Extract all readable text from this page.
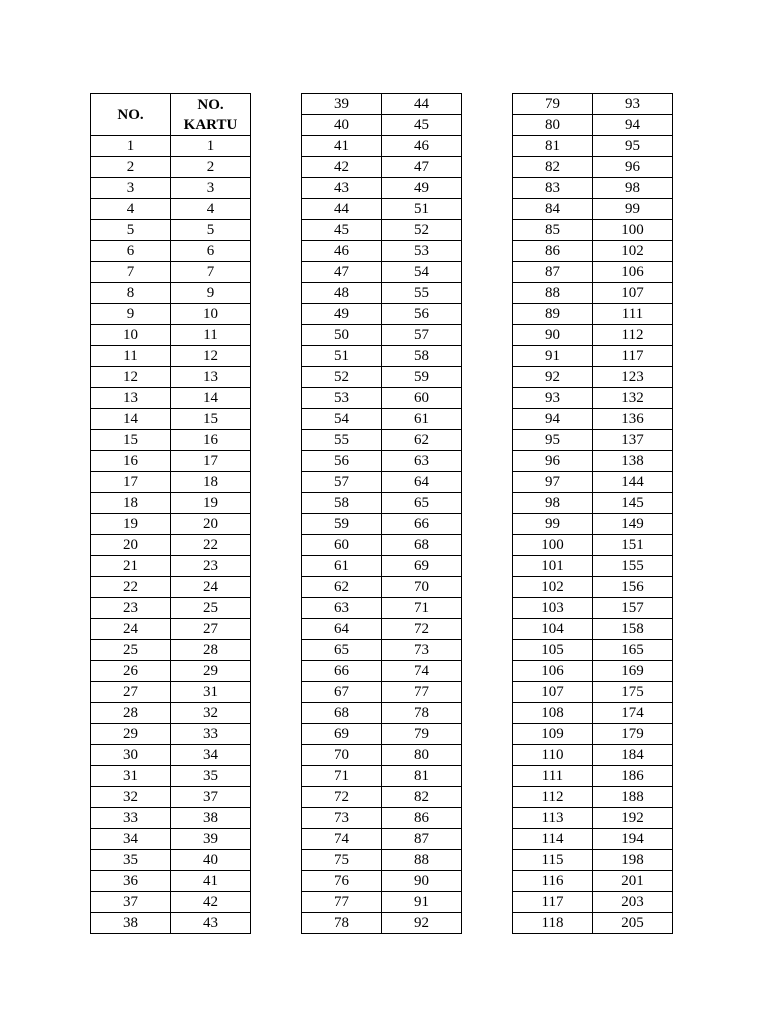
NO.	NO. KARTU
1	1
2	2
3	3
4	4
5	5
6	6
7	7
8	9
9	10
10	11
11	12
12	13
13	14
14	15
15	16
16	17
17	18
18	19
19	20
20	22
21	23
22	24
23	25
24	27
25	28
26	29
27	31
28	32
29	33
30	34
31	35
32	37
33	38
34	39
35	40
36	41
37	42
38	43
39	44
40	45
41	46
42	47
43	49
44	51
45	52
46	53
47	54
48	55
49	56
50	57
51	58
52	59
53	60
54	61
55	62
56	63
57	64
58	65
59	66
60	68
61	69
62	70
63	71
64	72
65	73
66	74
67	77
68	78
69	79
70	80
71	81
72	82
73	86
74	87
75	88
76	90
77	91
78	92
79	93
80	94
81	95
82	96
83	98
84	99
85	100
86	102
87	106
88	107
89	111
90	112
91	117
92	123
93	132
94	136
95	137
96	138
97	144
98	145
99	149
100	151
101	155
102	156
103	157
104	158
105	165
106	169
107	175
108	174
109	179
110	184
111	186
112	188
113	192
114	194
115	198
116	201
117	203
118	205
